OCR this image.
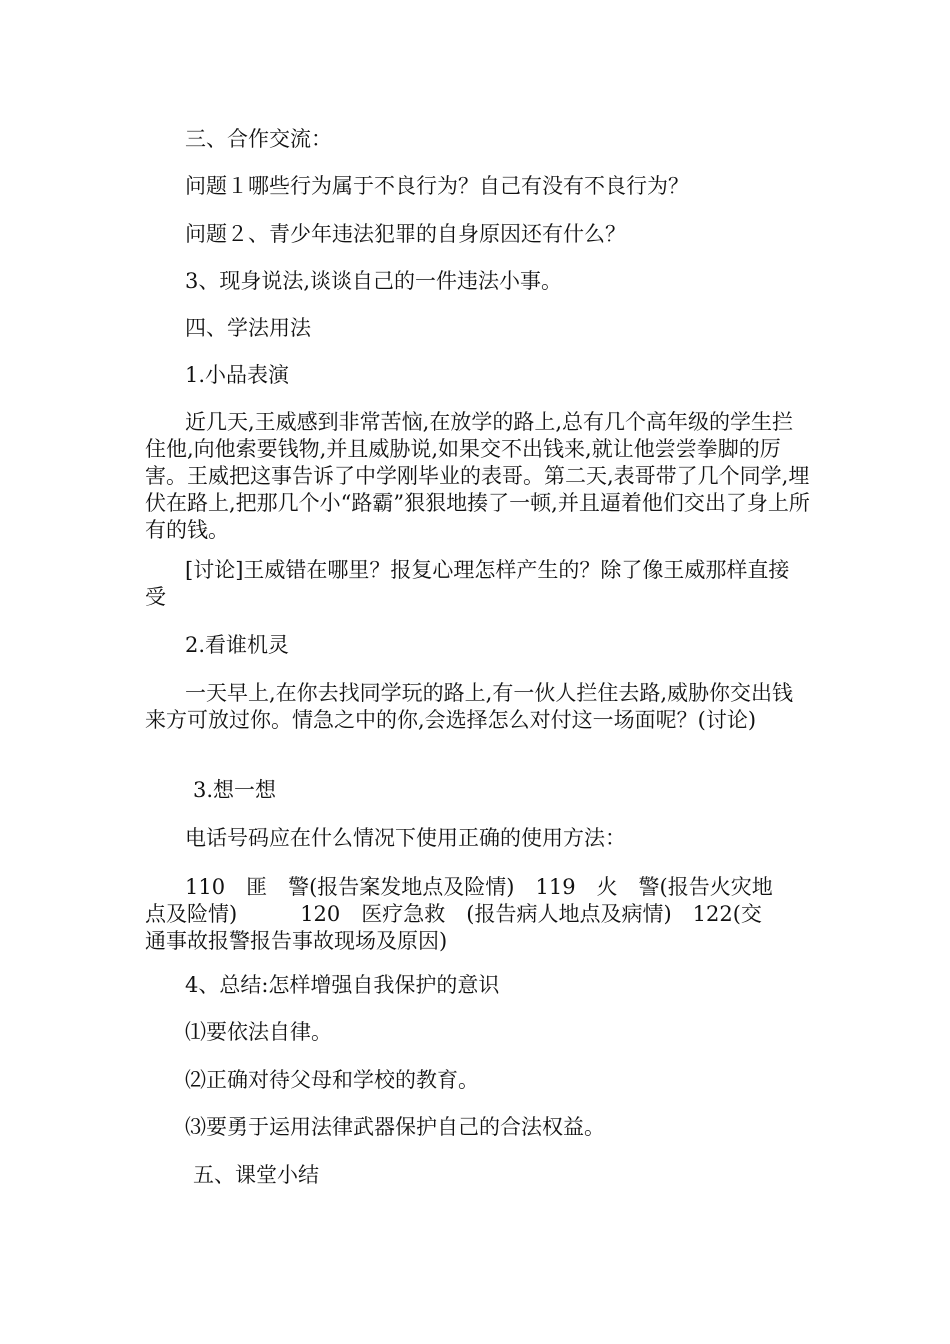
三、合作交流：

问题１哪些行为属于不良行为？自己有没有不良行为？

问题２、青少年违法犯罪的自身原因还有什么？

3、现身说法,谈谈自己的一件违法小事。

四、学法用法

1.小品表演

近几天,王威感到非常苦恼,在放学的路上,总有几个高年级的学生拦住他,向他索要钱物,并且威胁说,如果交不出钱来,就让他尝尝拳脚的厉害。王威把这事告诉了中学刚毕业的表哥。第二天,表哥带了几个同学,埋伏在路上,把那几个小“路霸”狠狠地揍了一顿,并且逼着他们交出了身上所有的钱。

[讨论]王威错在哪里？报复心理怎样产生的？除了像王威那样直接受

2.看谁机灵

一天早上,在你去找同学玩的路上,有一伙人拦住去路,威胁你交出钱来方可放过你。情急之中的你,会选择怎么对付这一场面呢？(讨论)

3.想一想

电话号码应在什么情况下使用正确的使用方法：

110　匪　警(报告案发地点及险情)　119　火　警(报告火灾地

点及险情)　　　120　医疗急救　(报告病人地点及病情)　122(交

通事故报警报告事故现场及原因)

4、总结:怎样增强自我保护的意识

⑴要依法自律。

⑵正确对待父母和学校的教育。

⑶要勇于运用法律武器保护自己的合法权益。

五、课堂小结
